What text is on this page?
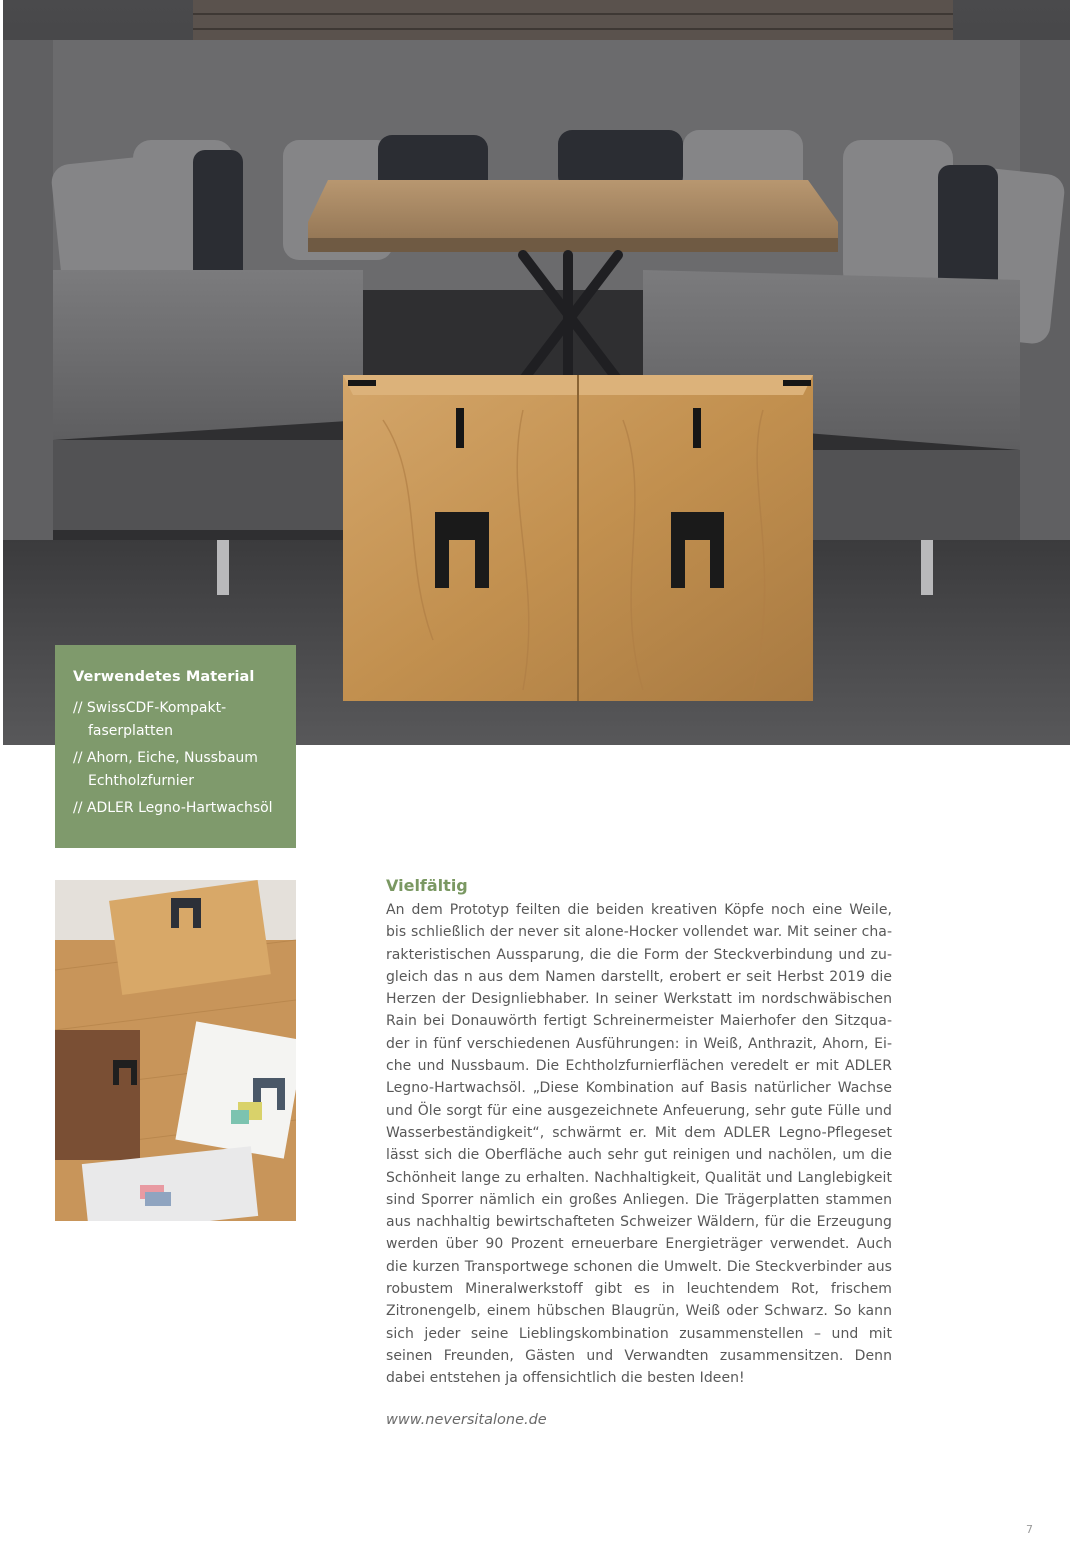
Verwendetes Material
// SwissCDF-Kompakt-faserplatten
// Ahorn, Eiche, Nussbaum Echtholzfurnier
// ADLER Legno-Hartwachsöl
Vielfältig

An dem Prototyp feilten die beiden kreativen Köpfe noch eine Weile, bis schließlich der never sit alone-Hocker vollendet war. Mit seiner charakteristischen Aussparung, die die Form der Steckverbindung und zugleich das n aus dem Namen darstellt, erobert er seit Herbst 2019 die Herzen der Designliebhaber. In seiner Werkstatt im nordschwäbischen Rain bei Donauwörth fertigt Schreinermeister Maierhofer den Sitzquader in fünf verschiedenen Ausführungen: in Weiß, Anthrazit, Ahorn, Eiche und Nussbaum. Die Echtholzfurnierflächen veredelt er mit ADLER Legno-Hartwachsöl. „Diese Kombination auf Basis natürlicher Wachse und Öle sorgt für eine ausgezeichnete Anfeuerung, sehr gute Fülle und Wasserbeständigkeit“, schwärmt er. Mit dem ADLER Legno-Pflegeset lässt sich die Oberfläche auch sehr gut reinigen und nachölen, um die Schönheit lange zu erhalten. Nachhaltigkeit, Qualität und Langlebigkeit sind Sporrer nämlich ein großes Anliegen. Die Trägerplatten stammen aus nachhaltig bewirtschafteten Schweizer Wäldern, für die Erzeugung werden über 90 Prozent erneuerbare Energieträger verwendet. Auch die kurzen Transportwege schonen die Umwelt. Die Steckverbinder aus robustem Mineralwerkstoff gibt es in leuchtendem Rot, frischem Zitronengelb, einem hübschen Blaugrün, Weiß oder Schwarz. So kann sich jeder seine Lieblingskombination zusammenstellen – und mit seinen Freunden, Gästen und Verwandten zusammensitzen. Denn dabei entstehen ja offensichtlich die besten Ideen!

www.neversitalone.de
7
